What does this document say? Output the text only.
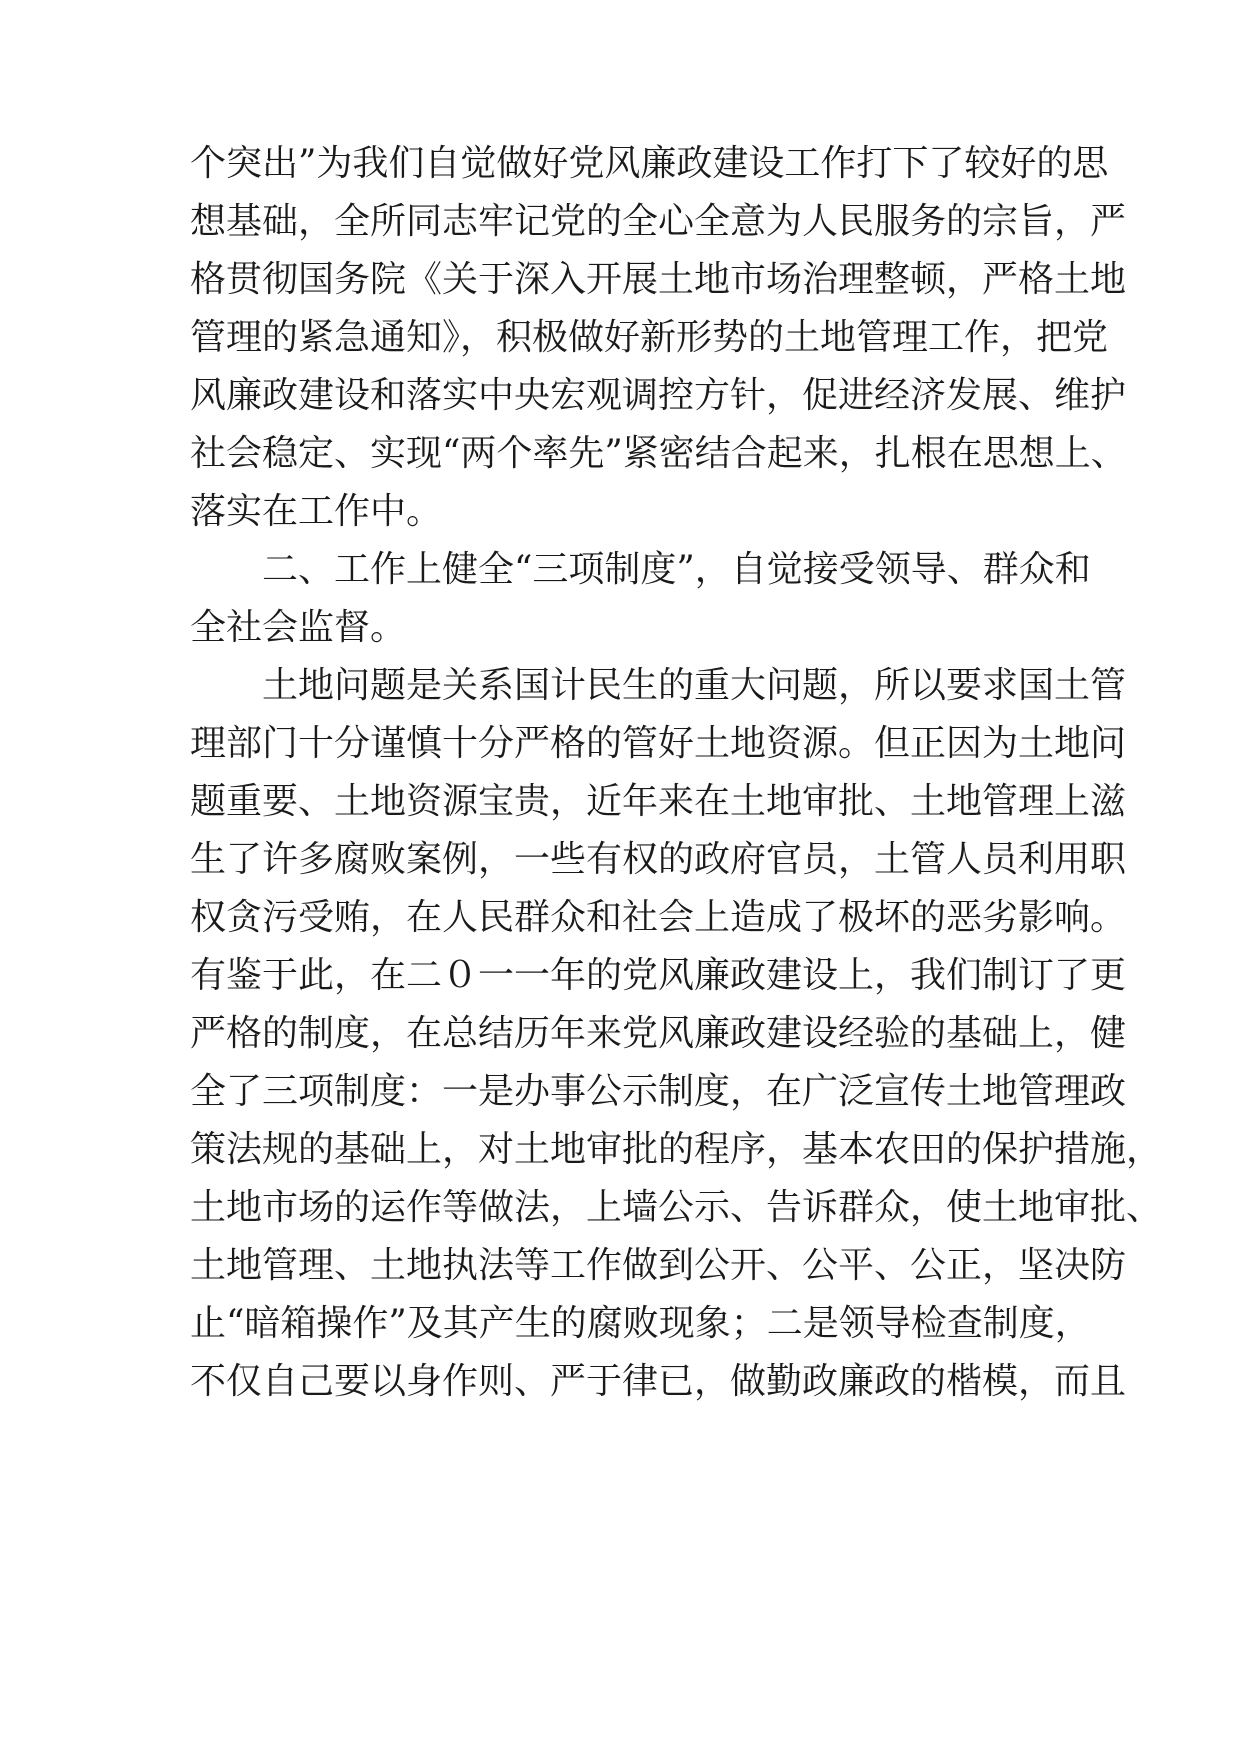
个突出”为我们自觉做好党风廉政建设工作打下了较好的思
想基础，全所同志牢记党的全心全意为人民服务的宗旨，严
格贯彻国务院《关于深入开展土地市场治理整顿，严格土地
管理的紧急通知》，积极做好新形势的土地管理工作，把党
风廉政建设和落实中央宏观调控方针，促进经济发展、维护
社会稳定、实现“两个率先”紧密结合起来，扎根在思想上、
落实在工作中。
二、工作上健全“三项制度”，自觉接受领导、群众和
全社会监督。
土地问题是关系国计民生的重大问题，所以要求国土管
理部门十分谨慎十分严格的管好土地资源。但正因为土地问
题重要、土地资源宝贵，近年来在土地审批、土地管理上滋
生了许多腐败案例，一些有权的政府官员，土管人员利用职
权贪污受贿，在人民群众和社会上造成了极坏的恶劣影响。
有鉴于此，在二０一一年的党风廉政建设上，我们制订了更
严格的制度，在总结历年来党风廉政建设经验的基础上，健
全了三项制度：一是办事公示制度，在广泛宣传土地管理政
策法规的基础上，对土地审批的程序，基本农田的保护措施，
土地市场的运作等做法，上墙公示、告诉群众，使土地审批、
土地管理、土地执法等工作做到公开、公平、公正，坚决防
止“暗箱操作”及其产生的腐败现象；二是领导检查制度，
不仅自己要以身作则、严于律已，做勤政廉政的楷模，而且
